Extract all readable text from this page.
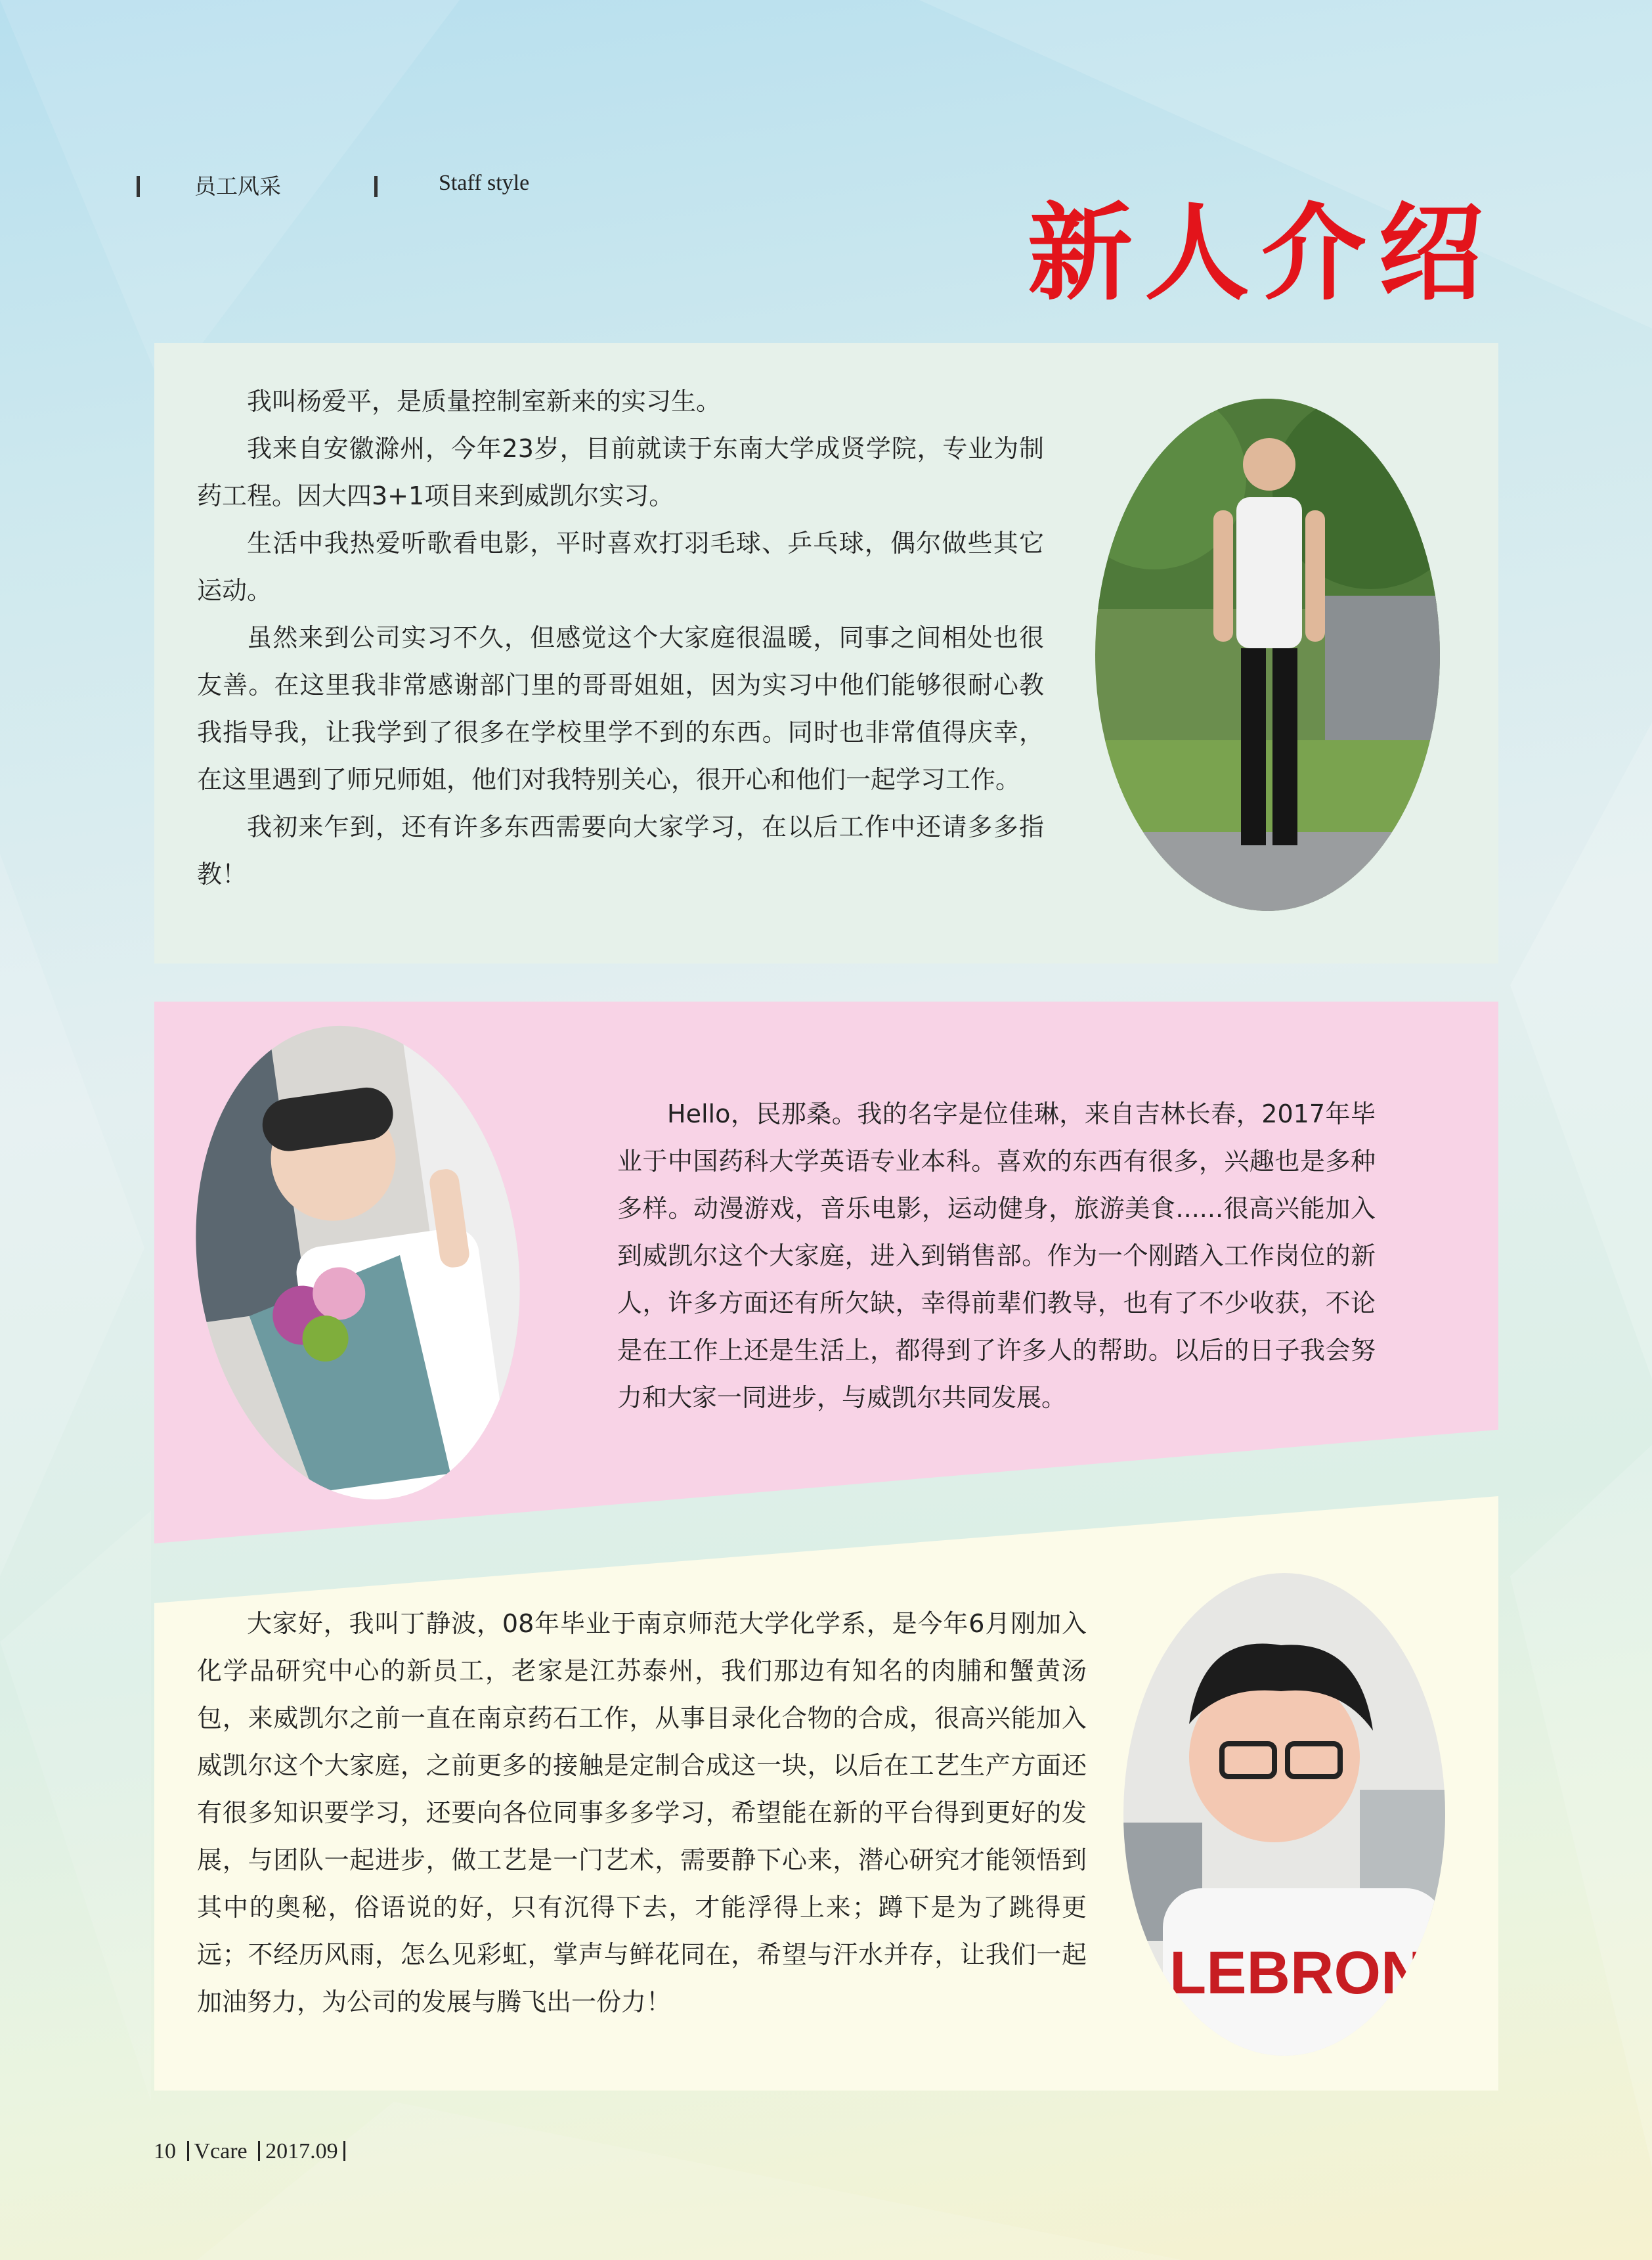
员工风采	Staff style
新人介绍

我叫杨爱平，是质量控制室新来的实习生。

我来自安徽滁州，今年23岁，目前就读于东南大学成贤学院，专业为制药工程。因大四3+1项目来到威凯尔实习。

生活中我热爱听歌看电影，平时喜欢打羽毛球、乒乓球，偶尔做些其它运动。

虽然来到公司实习不久，但感觉这个大家庭很温暖，同事之间相处也很友善。在这里我非常感谢部门里的哥哥姐姐，因为实习中他们能够很耐心教我指导我，让我学到了很多在学校里学不到的东西。同时也非常值得庆幸，在这里遇到了师兄师姐，他们对我特别关心，很开心和他们一起学习工作。

我初来乍到，还有许多东西需要向大家学习，在以后工作中还请多多指教！

Hello，民那桑。我的名字是位佳琳，来自吉林长春，2017年毕业于中国药科大学英语专业本科。喜欢的东西有很多，兴趣也是多种多样。动漫游戏，音乐电影，运动健身，旅游美食......很高兴能加入到威凯尔这个大家庭，进入到销售部。作为一个刚踏入工作岗位的新人，许多方面还有所欠缺，幸得前辈们教导，也有了不少收获，不论是在工作上还是生活上，都得到了许多人的帮助。以后的日子我会努力和大家一同进步，与威凯尔共同发展。

大家好，我叫丁静波，08年毕业于南京师范大学化学系，是今年6月刚加入化学品研究中心的新员工，老家是江苏泰州，我们那边有知名的肉脯和蟹黄汤包，来威凯尔之前一直在南京药石工作，从事目录化合物的合成，很高兴能加入威凯尔这个大家庭，之前更多的接触是定制合成这一块，以后在工艺生产方面还有很多知识要学习，还要向各位同事多多学习，希望能在新的平台得到更好的发展，与团队一起进步，做工艺是一门艺术，需要静下心来，潜心研究才能领悟到其中的奥秘，俗语说的好，只有沉得下去，才能浮得上来；蹲下是为了跳得更远；不经历风雨，怎么见彩虹，掌声与鲜花同在，希望与汗水并存，让我们一起加油努力，为公司的发展与腾飞出一份力！	LEBRON
10 Vcare 2017.09
